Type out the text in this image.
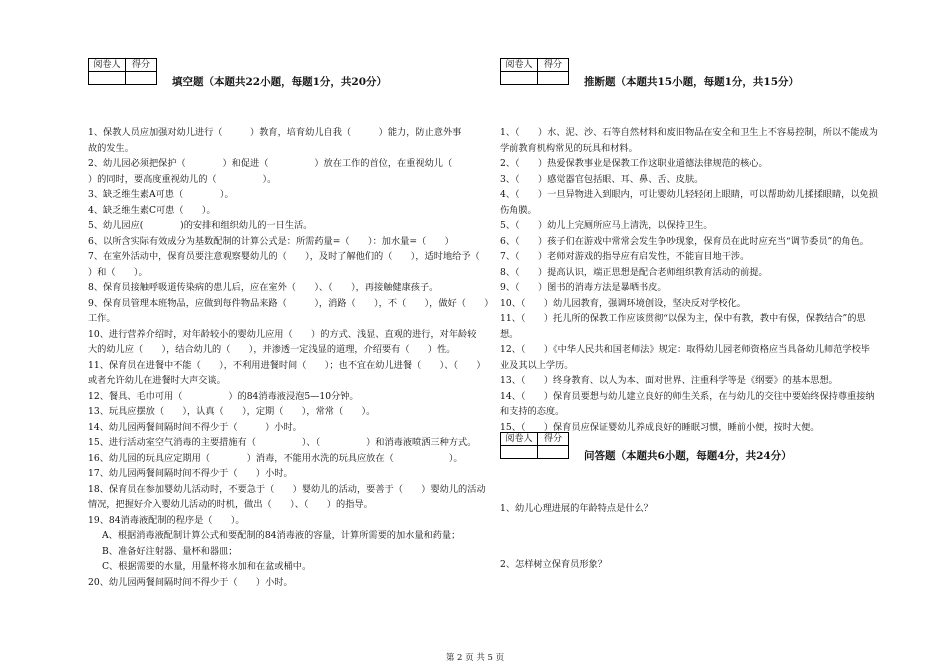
阅卷人	得分

填空题（本题共22小题，每题1分，共20分）
1、保教人员应加强对幼儿进行（　　　）教育，培育幼儿自我（　　　）能力，防止意外事
故的发生。
2、幼儿园必须把保护（　　　　）和促进（　　　　　）放在工作的首位，在重视幼儿（
）的同时，要高度重视幼儿的（　　　　　）。
3、缺乏维生素A可患（　　　　）。
4、缺乏维生素C可患（　　）。
5、幼儿园应(　　　　)的安排和组织幼儿的一日生活。
6、以所含实际有效成分为基数配制的计算公式是：所需药量=（　　）：加水量=（　　）
7、在室外活动中，保育员要注意观察婴幼儿的（　　），及时了解他们的（　　），适时地给予（
）和（　　）。
8、保育员接触呼吸道传染病的患儿后，应在室外（　　）、（　　），再接触健康孩子。
9、保育员管理本班物品，应做到每件物品来路（　　　），消路（　　），不（　　），做好（　　）
工作。
10、进行营养介绍时，对年龄较小的婴幼儿应用（　　）的方式、浅显、直观的进行，对年龄较
大的幼儿应（　　），结合幼儿的（　　），并渗透一定浅显的道理，介绍要有（　　）性。
11、保育员在进餐中不能（　　），不利用进餐时间（　　）；也不宜在幼儿进餐（　　）、（　　）
或者允许幼儿在进餐时大声交谈。
12、餐具、毛巾可用（　　　　　）的84消毒液浸泡5—10分钟。
13、玩具应摆放（　　），认真（　　），定期（　　），常常（　　）。
14、幼儿园两餐间隔时间不得少于（　　　）小时。
15、进行活动室空气消毒的主要措施有（　　　　　）、（　　　　　）和消毒液喷洒三种方式。
16、幼儿园的玩具应定期用（　　　　）消毒，不能用水洗的玩具应放在（　　　　　　）。
17、幼儿园两餐间隔时间不得少于（　　）小时。
18、保育员在参加婴幼儿活动时，不要急于（　　）婴幼儿的活动，要善于（　　）婴幼儿的活动
情况，把握好介入婴幼儿活动的时机，做出（　　）、（　　）的指导。
19、84消毒液配制的程序是（　　）。
A、根据消毒液配制计算公式和要配制的84消毒液的容量，计算所需要的加水量和药量；
B、准备好注射器、量杯和器皿；
C、根据需要的水量，用量杯将水加和在盆或桶中。
20、幼儿园两餐间隔时间不得少于（　　）小时。
阅卷人	得分

推断题（本题共15小题，每题1分，共15分）
1、（　　）水、泥、沙、石等自然材料和废旧物品在安全和卫生上不容易控制，所以不能成为
学前教育机构常见的玩具和材料。
2、（　　）热爱保教事业是保教工作这职业道德法律规范的核心。
3、（　　）感觉器官包括眼、耳、鼻、舌、皮肤。
4、（　　）一旦异物进入到眼内，可让婴幼儿轻轻闭上眼睛，可以帮助幼儿揉揉眼睛，以免损
伤角膜。
5、（　　）幼儿上完厕所应马上清洗，以保持卫生。
6、（　　）孩子们在游戏中常常会发生争吵现象，保育员在此时应充当“调节委员”的角色。
7、（　　）老师对游戏的指导应有启发性，不能盲目地干涉。
8、（　　）提高认识，端正思想是配合老师组织教育活动的前提。
9、（　　）图书的消毒方法是暴晒书皮。
10、（　　）幼儿园教育，强调环境创设，坚决反对学校化。
11、（　　）托儿所的保教工作应该贯彻“以保为主，保中有教，教中有保，保教结合”的思
想。
12、（　　）《中华人民共和国老师法》规定：取得幼儿园老师资格应当具备幼儿师范学校毕
业及其以上学历。
13、（　　）终身教育、以人为本、面对世界、注重科学等是《纲要》的基本思想。
14、（　　）保育员要想与幼儿建立良好的师生关系，在与幼儿的交往中要始终保持尊重接纳
和支持的态度。
15、（　　）保育员应保证婴幼儿养成良好的睡眠习惯，睡前小便，按时大便。
阅卷人	得分

问答题（本题共6小题，每题4分，共24分）
1、幼儿心理进展的年龄特点是什么？
2、怎样树立保育员形象？
第 2 页 共 5 页
